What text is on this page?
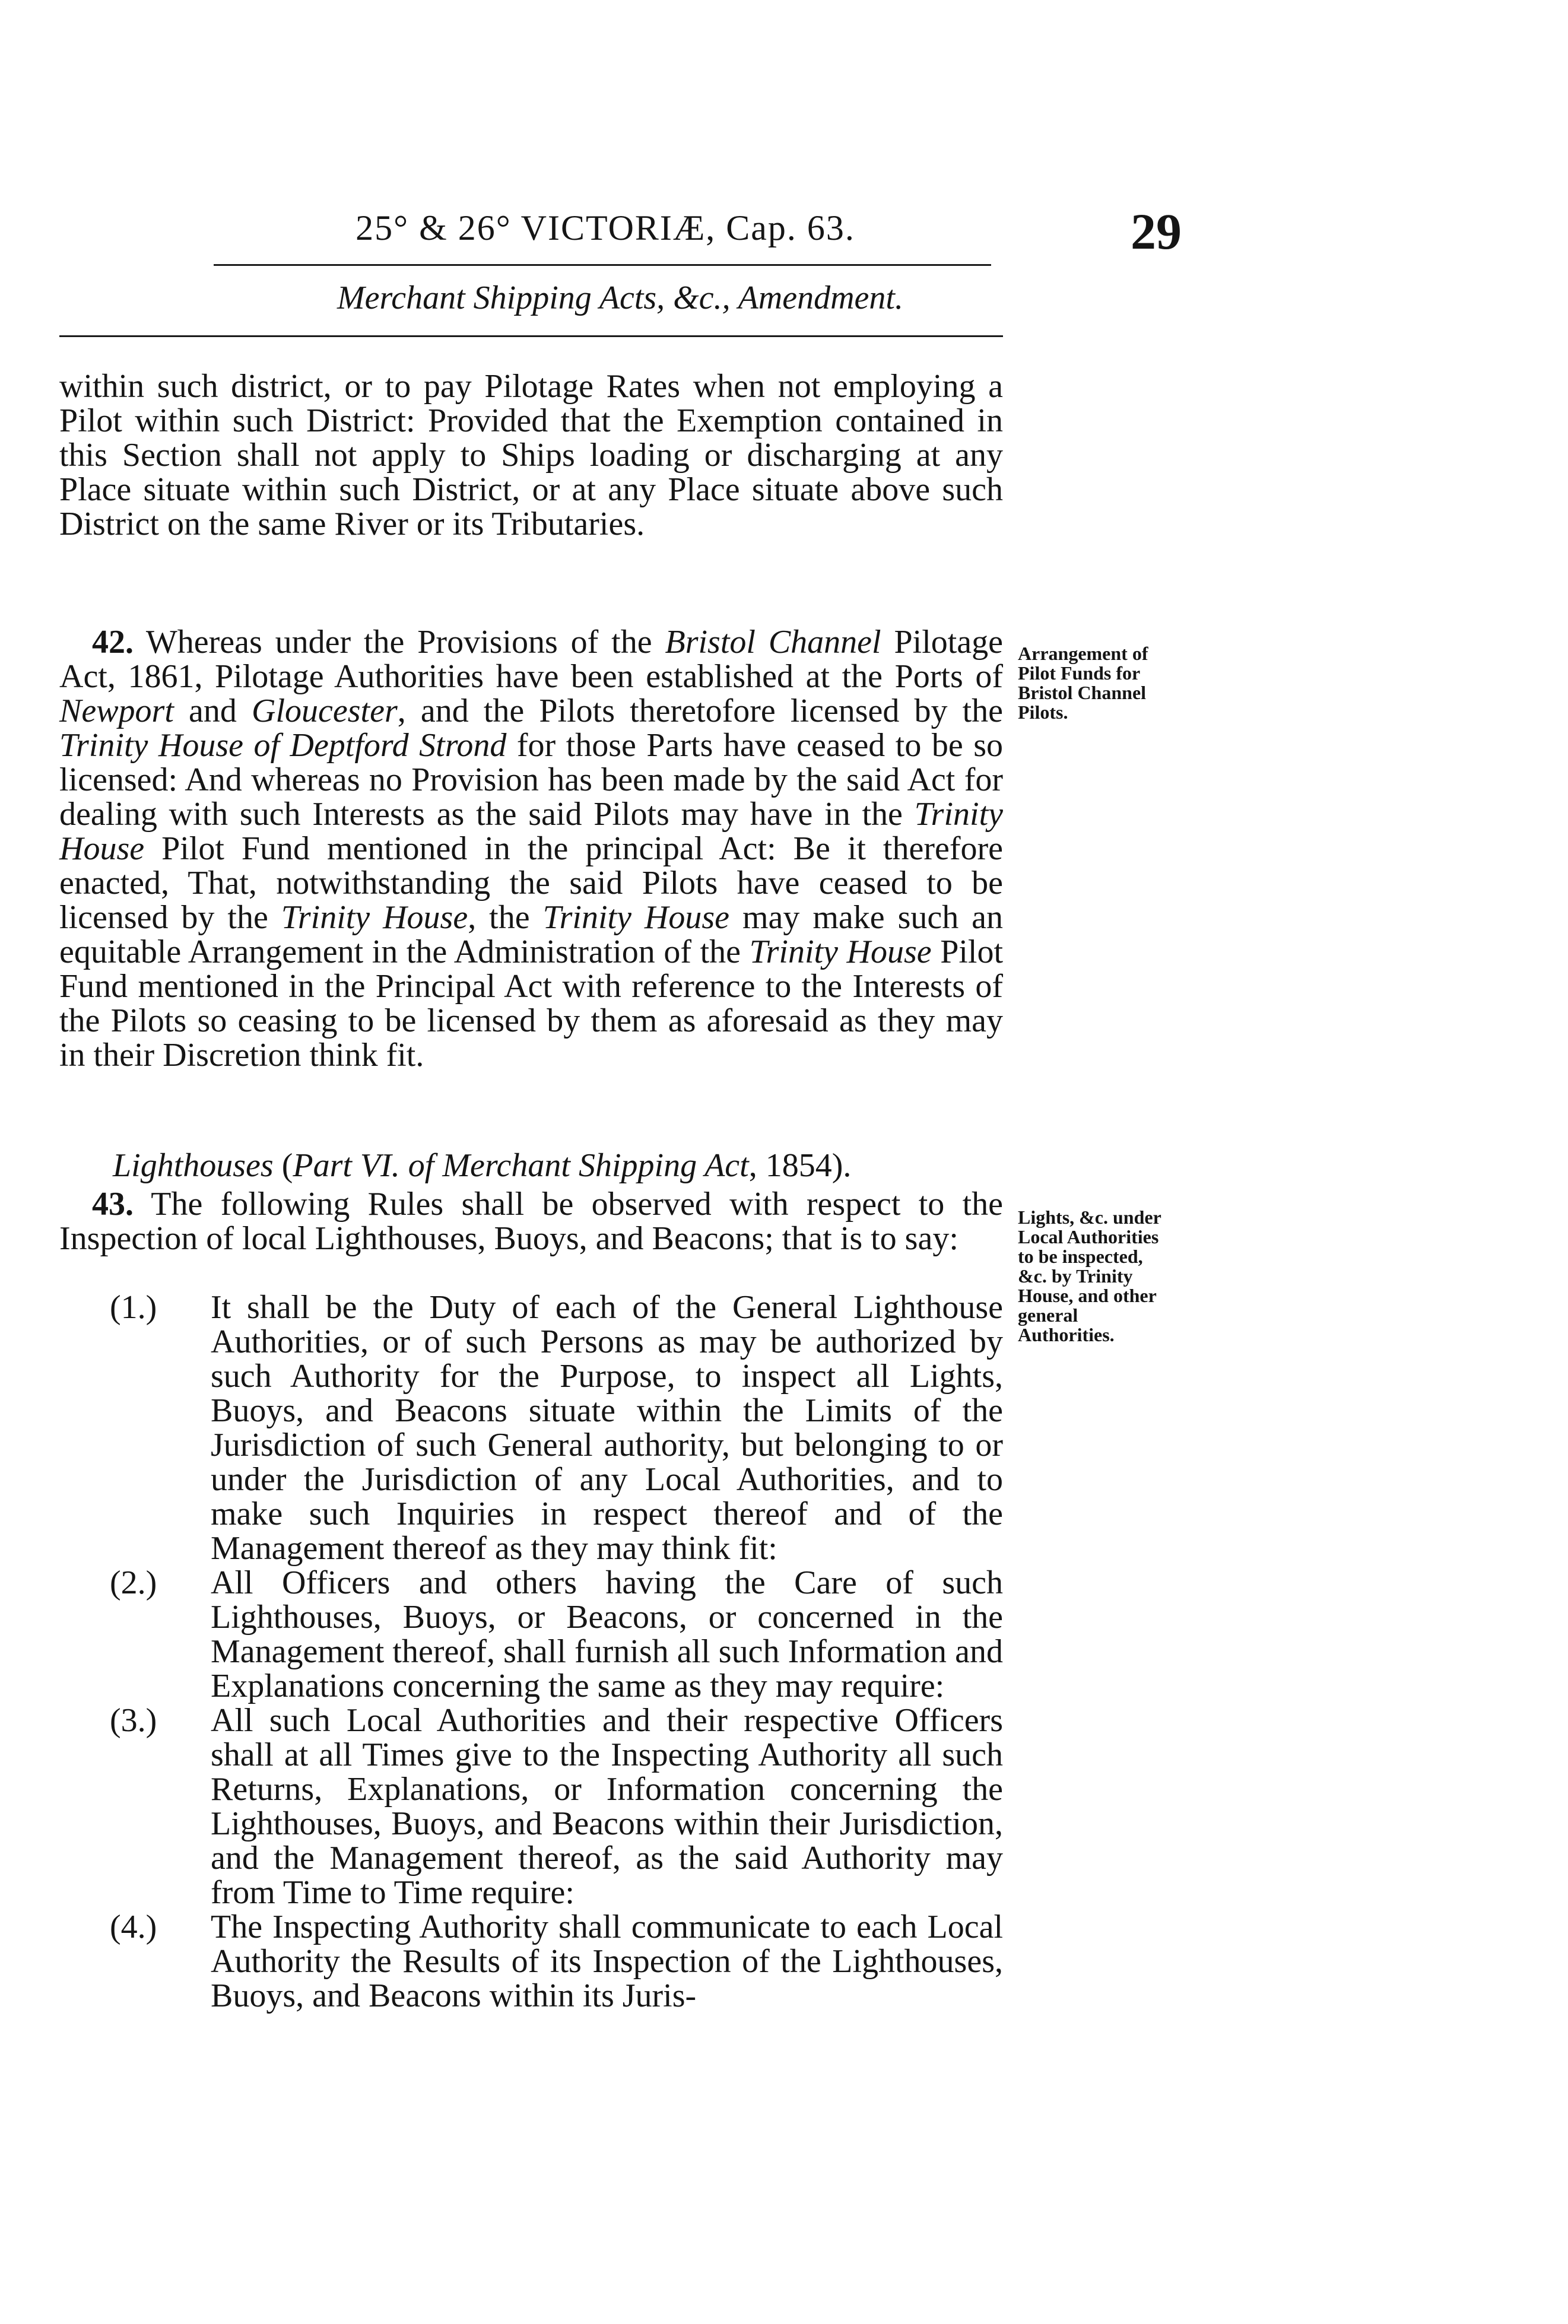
25° & 26° VICTORIÆ, Cap. 63.	29
Merchant Shipping Acts, &c., Amendment.

within such district, or to pay Pilotage Rates when not employing a Pilot within such District: Provided that the Exemption contained in this Section shall not apply to Ships loading or discharging at any Place situate within such District, or at any Place situate above such District on the same River or its Tributaries.

42. Whereas under the Provisions of the Bristol Channel Pilotage Act, 1861, Pilotage Authorities have been established at the Ports of Newport and Gloucester, and the Pilots theretofore licensed by the Trinity House of Deptford Strond for those Parts have ceased to be so licensed: And whereas no Provision has been made by the said Act for dealing with such Interests as the said Pilots may have in the Trinity House Pilot Fund mentioned in the principal Act: Be it therefore enacted, That, notwithstanding the said Pilots have ceased to be licensed by the Trinity House, the Trinity House may make such an equitable Arrangement in the Administration of the Trinity House Pilot Fund mentioned in the Principal Act with reference to the Interests of the Pilots so ceasing to be licensed by them as aforesaid as they may in their Discretion think fit.

Arrangement of Pilot Funds for Bristol Channel Pilots.
Lighthouses (Part VI. of Merchant Shipping Act, 1854).

43. The following Rules shall be observed with respect to the Inspection of local Lighthouses, Buoys, and Beacons; that is to say:

Lights, &c. under Local Authorities to be inspected, &c. by Trinity House, and other general Authorities.

(1.) It shall be the Duty of each of the General Lighthouse Authorities, or of such Persons as may be authorized by such Authority for the Purpose, to inspect all Lights, Buoys, and Beacons situate within the Limits of the Jurisdiction of such General authority, but belonging to or under the Jurisdiction of any Local Authorities, and to make such Inquiries in respect thereof and of the Management thereof as they may think fit:

(2.) All Officers and others having the Care of such Lighthouses, Buoys, or Beacons, or concerned in the Management thereof, shall furnish all such Information and Explanations concerning the same as they may require:

(3.) All such Local Authorities and their respective Officers shall at all Times give to the Inspecting Authority all such Returns, Explanations, or Information concerning the Lighthouses, Buoys, and Beacons within their Jurisdiction, and the Management thereof, as the said Authority may from Time to Time require:

(4.) The Inspecting Authority shall communicate to each Local Authority the Results of its Inspection of the Lighthouses, Buoys, and Beacons within its Juris-
